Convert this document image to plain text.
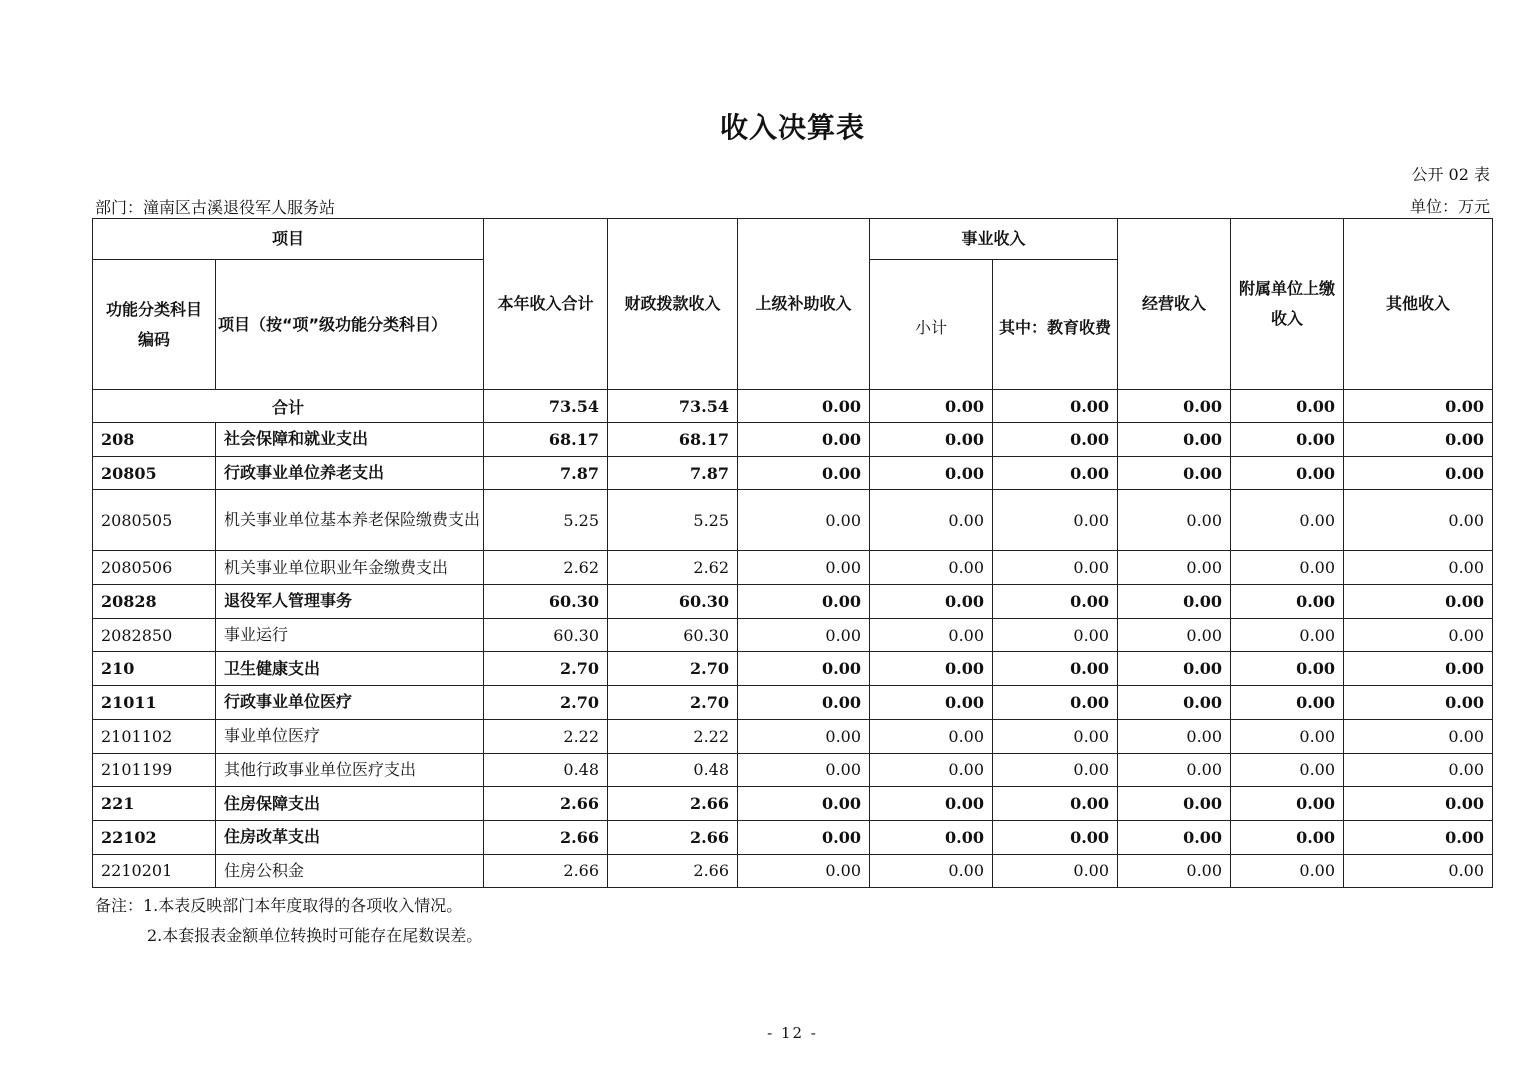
收入决算表
公开 02 表
部门：潼南区古溪退役军人服务站	单位：万元
项目		本年收入合计	财政拨款收入	上级补助收入	事业收入		经营收入	附属单位上缴收入	其他收入
功能分类科目编码	项目（按“项”级功能分类科目）				小计	其中：教育收费			
合计		73.54	73.54	0.00	0.00	0.00	0.00	0.00	0.00
208	社会保障和就业支出	68.17	68.17	0.00	0.00	0.00	0.00	0.00	0.00
20805	行政事业单位养老支出	7.87	7.87	0.00	0.00	0.00	0.00	0.00	0.00
2080505	机关事业单位基本养老保险缴费支出	5.25	5.25	0.00	0.00	0.00	0.00	0.00	0.00
2080506	机关事业单位职业年金缴费支出	2.62	2.62	0.00	0.00	0.00	0.00	0.00	0.00
20828	退役军人管理事务	60.30	60.30	0.00	0.00	0.00	0.00	0.00	0.00
2082850	事业运行	60.30	60.30	0.00	0.00	0.00	0.00	0.00	0.00
210	卫生健康支出	2.70	2.70	0.00	0.00	0.00	0.00	0.00	0.00
21011	行政事业单位医疗	2.70	2.70	0.00	0.00	0.00	0.00	0.00	0.00
2101102	事业单位医疗	2.22	2.22	0.00	0.00	0.00	0.00	0.00	0.00
2101199	其他行政事业单位医疗支出	0.48	0.48	0.00	0.00	0.00	0.00	0.00	0.00
221	住房保障支出	2.66	2.66	0.00	0.00	0.00	0.00	0.00	0.00
22102	住房改革支出	2.66	2.66	0.00	0.00	0.00	0.00	0.00	0.00
2210201	住房公积金	2.66	2.66	0.00	0.00	0.00	0.00	0.00	0.00
备注：1.本表反映部门本年度取得的各项收入情况。
2.本套报表金额单位转换时可能存在尾数误差。
- 12 -
